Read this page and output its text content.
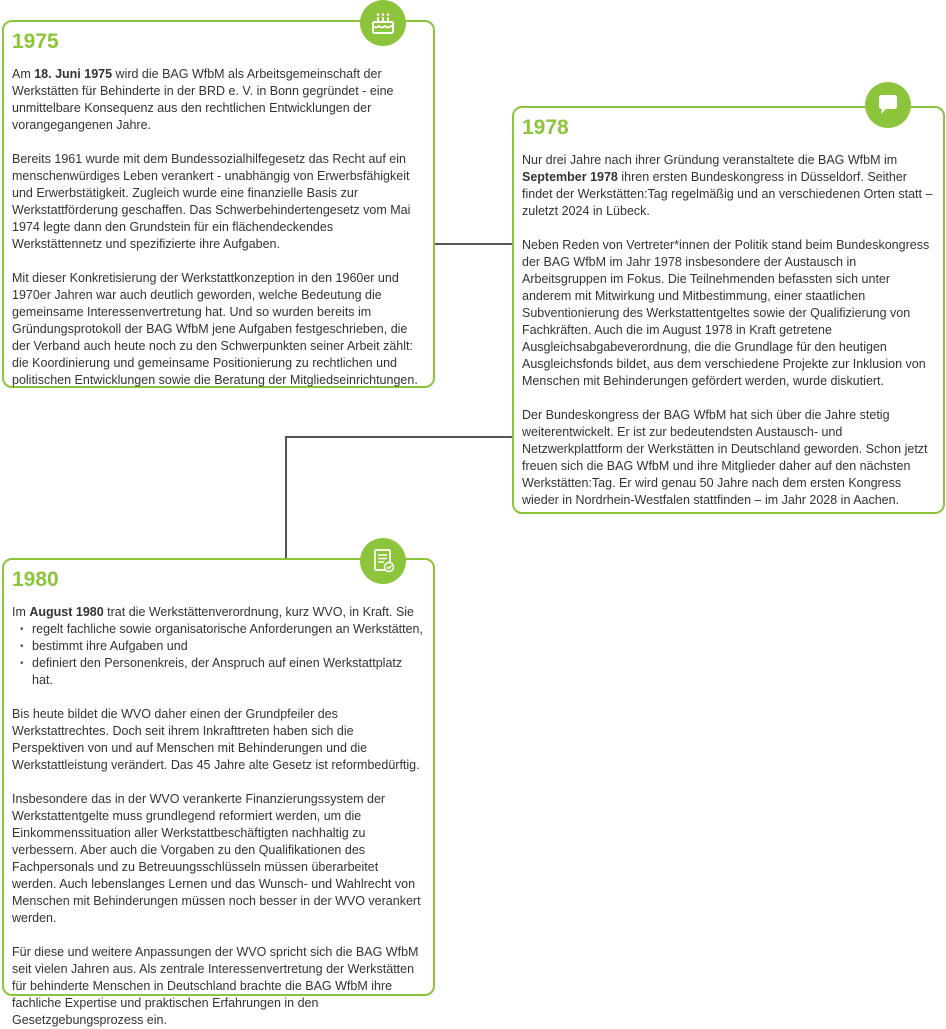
1975

Am 18. Juni 1975 wird die BAG WfbM als Arbeitsgemeinschaft der Werkstätten für Behinderte in der BRD e. V. in Bonn gegründet - eine unmittelbare Konsequenz aus den rechtlichen Entwicklungen der vorangegangenen Jahre.

Bereits 1961 wurde mit dem Bundessozialhilfegesetz das Recht auf ein menschenwürdiges Leben verankert - unabhängig von Erwerbsfähigkeit und Erwerbstätigkeit. Zugleich wurde eine finanzielle Basis zur Werkstattförderung geschaffen. Das Schwerbehindertengesetz vom Mai 1974 legte dann den Grundstein für ein flächendeckendes Werkstättennetz und spezifizierte ihre Aufgaben.

Mit dieser Konkretisierung der Werkstattkonzeption in den 1960er und 1970er Jahren war auch deutlich geworden, welche Bedeutung die gemeinsame Interessenvertretung hat. Und so wurden bereits im Gründungsprotokoll der BAG WfbM jene Aufgaben festgeschrieben, die der Verband auch heute noch zu den Schwerpunkten seiner Arbeit zählt: die Koordinierung und gemeinsame Positionierung zu rechtlichen und politischen Entwicklungen sowie die Beratung der Mitgliedseinrichtungen.

1978

Nur drei Jahre nach ihrer Gründung veranstaltete die BAG WfbM im September 1978 ihren ersten Bundeskongress in Düsseldorf. Seither findet der Werkstätten:Tag regelmäßig und an verschiedenen Orten statt – zuletzt 2024 in Lübeck.

Neben Reden von Vertreter*innen der Politik stand beim Bundeskongress der BAG WfbM im Jahr 1978 insbesondere der Austausch in Arbeitsgruppen im Fokus. Die Teilnehmenden befassten sich unter anderem mit Mitwirkung und Mitbestimmung, einer staatlichen Subventionierung des Werkstattentgeltes sowie der Qualifizierung von Fachkräften. Auch die im August 1978 in Kraft getretene Ausgleichsabgabeverordnung, die die Grundlage für den heutigen Ausgleichsfonds bildet, aus dem verschiedene Projekte zur Inklusion von Menschen mit Behinderungen gefördert werden, wurde diskutiert.

Der Bundeskongress der BAG WfbM hat sich über die Jahre stetig weiterentwickelt. Er ist zur bedeutendsten Austausch- und Netzwerkplattform der Werkstätten in Deutschland geworden. Schon jetzt freuen sich die BAG WfbM und ihre Mitglieder daher auf den nächsten Werkstätten:Tag. Er wird genau 50 Jahre nach dem ersten Kongress wieder in Nordrhein-Westfalen stattfinden – im Jahr 2028 in Aachen.

1980

Im August 1980 trat die Werkstättenverordnung, kurz WVO, in Kraft. Sie

• regelt fachliche sowie organisatorische Anforderungen an Werkstätten,
• bestimmt ihre Aufgaben und
• definiert den Personenkreis, der Anspruch auf einen Werkstattplatz hat.

Bis heute bildet die WVO daher einen der Grundpfeiler des Werkstattrechtes. Doch seit ihrem Inkrafttreten haben sich die Perspektiven von und auf Menschen mit Behinderungen und die Werkstattleistung verändert. Das 45 Jahre alte Gesetz ist reformbedürftig.

Insbesondere das in der WVO verankerte Finanzierungssystem der Werkstattentgelte muss grundlegend reformiert werden, um die Einkommenssituation aller Werkstattbeschäftigten nachhaltig zu verbessern. Aber auch die Vorgaben zu den Qualifikationen des Fachpersonals und zu Betreuungsschlüsseln müssen überarbeitet werden. Auch lebenslanges Lernen und das Wunsch- und Wahlrecht von Menschen mit Behinderungen müssen noch besser in der WVO verankert werden.

Für diese und weitere Anpassungen der WVO spricht sich die BAG WfbM seit vielen Jahren aus. Als zentrale Interessenvertretung der Werkstätten für behinderte Menschen in Deutschland brachte die BAG WfbM ihre fachliche Expertise und praktischen Erfahrungen in den Gesetzgebungsprozess ein.
